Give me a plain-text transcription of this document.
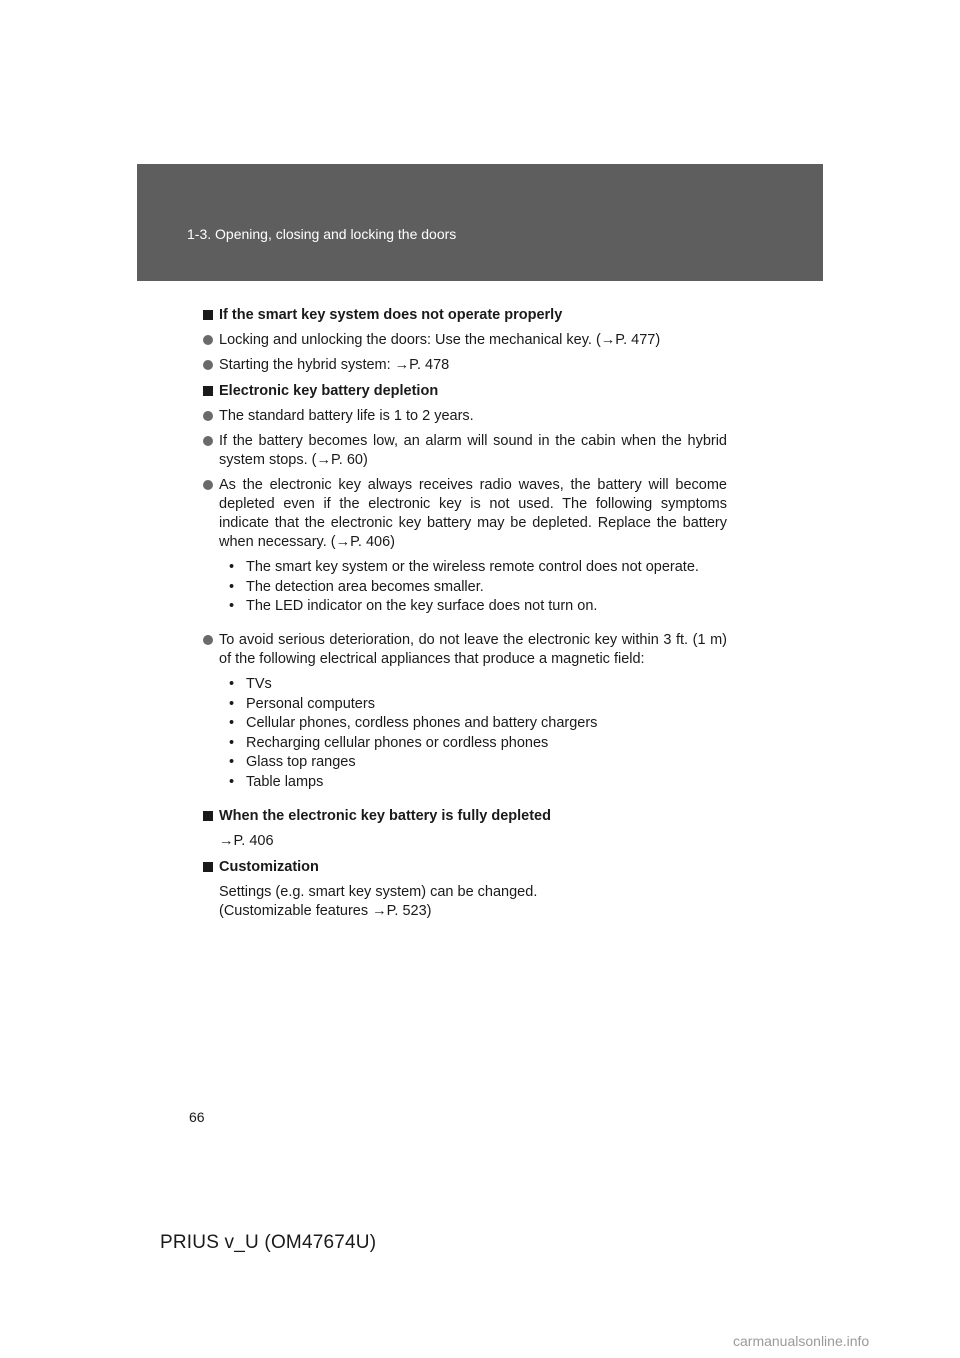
1-3. Opening, closing and locking the doors
If the smart key system does not operate properly
Locking and unlocking the doors: Use the mechanical key. (→P. 477)
Starting the hybrid system: →P. 478
Electronic key battery depletion
The standard battery life is 1 to 2 years.
If the battery becomes low, an alarm will sound in the cabin when the hybrid system stops. (→P. 60)
As the electronic key always receives radio waves, the battery will become depleted even if the electronic key is not used. The following symptoms indicate that the electronic key battery may be depleted. Replace the battery when necessary. (→P. 406)
• The smart key system or the wireless remote control does not operate.
• The detection area becomes smaller.
• The LED indicator on the key surface does not turn on.
To avoid serious deterioration, do not leave the electronic key within 3 ft. (1 m) of the following electrical appliances that produce a magnetic field:
• TVs
• Personal computers
• Cellular phones, cordless phones and battery chargers
• Recharging cellular phones or cordless phones
• Glass top ranges
• Table lamps
When the electronic key battery is fully depleted
→P. 406
Customization
Settings (e.g. smart key system) can be changed.
(Customizable features →P. 523)
66
PRIUS v_U (OM47674U)
carmanualsonline.info
